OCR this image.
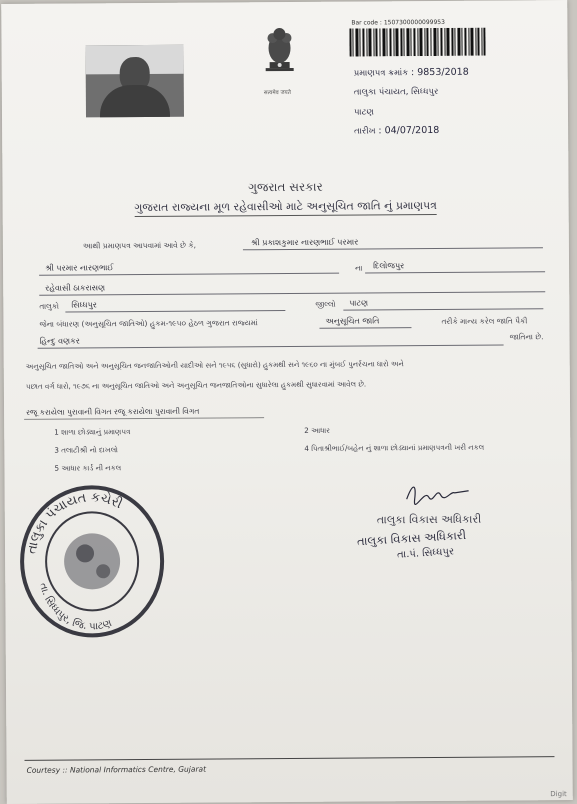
सत्यमेव जयते
Bar code : 1507300000099953
પ્રમાણપત્ર ક્રમાંક : 9853/2018
તાલુકા પંચાયત, સિધ્ધપુર
પાટણ
તારીખ : 04/07/2018
ગુજરાત સરકાર
ગુજરાત રાજ્યના મૂળ રહેવાસીઓ માટે અનુસૂચિત જાતિ નું પ્રમાણપત્ર
આથી પ્રમાણપત્ર આપવામાં આવે છે કે,	શ્રી પ્રકાશકુમાર નારણભાઈ પરમાર
શ્રી પરમાર નારણભાઈ	ના દિલોજપુર
રહેવાસી ઠાકરાસણ
તાલુકો સિધ્ધપુર	જીલ્લો પાટણ
જેના બંધારણ (અનુસૂચિત જાતિઓ) હુકમ-૧૯૫૦ હેઠળ ગુજરાત રાજ્યમાં	અનુસૂચિત જાતિ	તરીકે માન્ય કરેલ જાતિ પૈકી
હિન્દુ વણકર	જાતિના છે.
અનુસૂચિત જાતિઓ અને અનુસૂચિત જનજાતિઓની યાદીઓ સને ૧૯૫૬ (સુધારો) હુકમથી સને ૧૯૬૦ ના મુંબઈ પુનર્રચના ધારો અને
પછાત વર્ગ ધારો, ૧૯૭૬ ના અનુસૂચિત જાતિઓ અને અનુસૂચિત જનજાતિઓના સુધારેલા હુકમથી સુધારવામાં આવેલ છે.
રજૂ કરાયેલા પુરાવાની વિગત રજૂ કરાયેલા પુરાવાની વિગત
1 શાળા છોડ્યાનું પ્રમાણપત્ર	2 આધાર
3 તલાટીશ્રી નો દાખલો	4 પિતાશ્રીભાઈ/બહેન નું શાળા છોડ્યાનાં પ્રમાણપત્રની ખરી નકલ
5 આધાર કાર્ડ ની નકલ
તાલુકા વિકાસ અધિકારી
તાલુકા વિકાસ અધિકારી
તા.પં. સિધ્ધપુર
તાલુકા પંચાયત કચેરી
તા. સિધ્ધપુર, જિ. પાટણ
Courtesy :: National Informatics Centre, Gujarat
Digit
